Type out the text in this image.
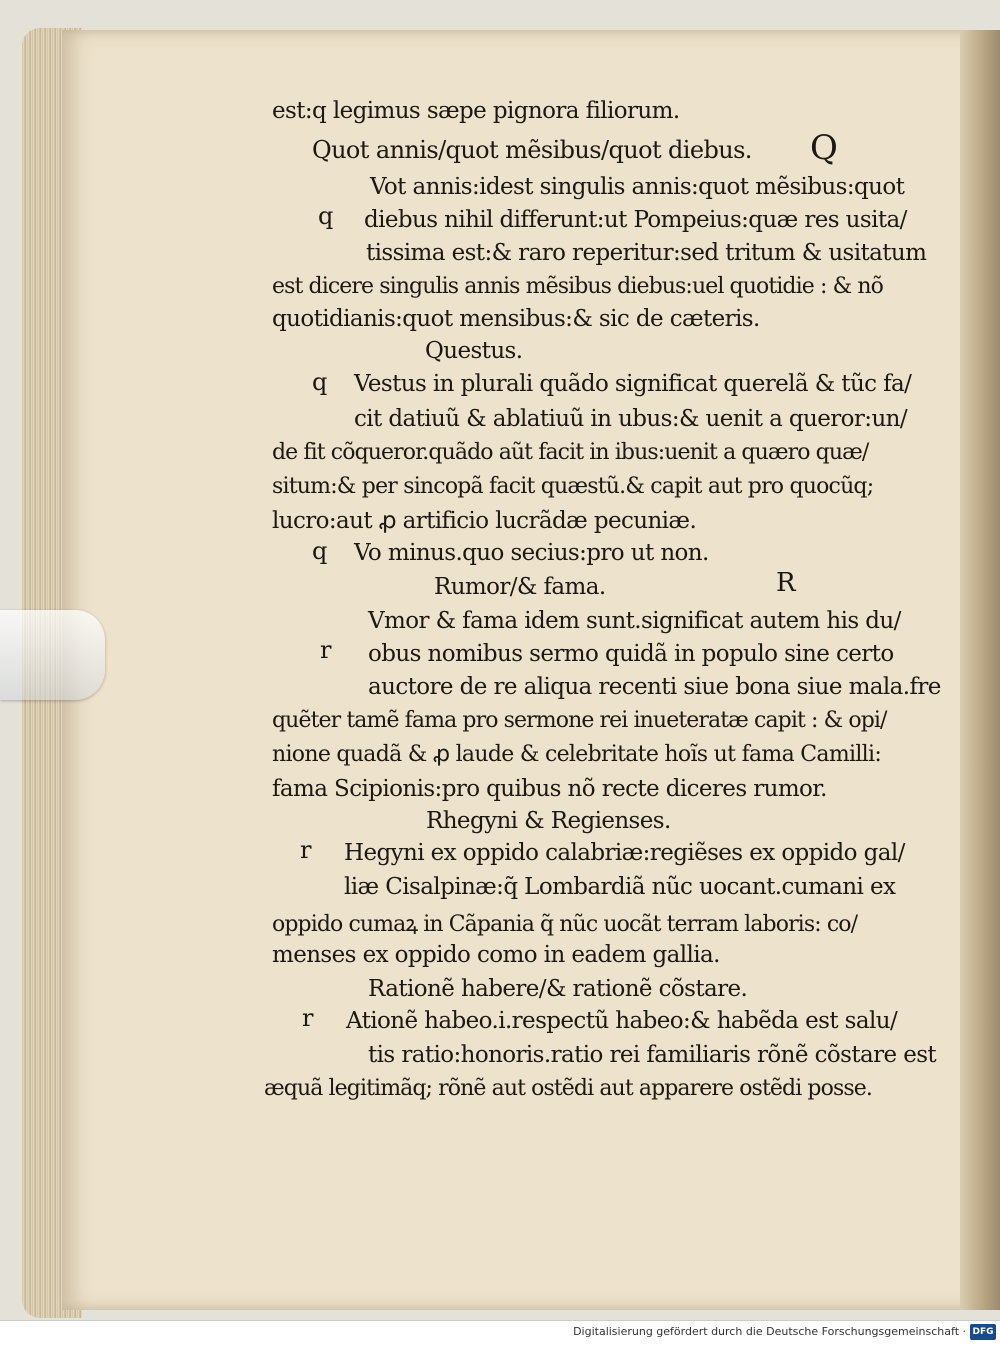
est:q legimus sæpe pignora filiorum.
Quot annis/quot mẽsibus/quot diebus. Q
Vot annis:idest singulis annis:quot mẽsibus:quot
q diebus nihil differunt:ut Pompeius:quæ res usita/
tissima est:& raro reperitur:sed tritum & usitatum
est dicere singulis annis mẽsibus diebus:uel quotidie : & nõ
quotidianis:quot mensibus:& sic de cæteris.
Questus.
q Vestus in plurali quãdo significat querelã & tũc fa/
cit datiuũ & ablatiuũ in ubus:& uenit a queror:un/
de fit cõqueror.quãdo aũt facit in ibus:uenit a quæro quæ/
situm:& per sincopã facit quæstũ.& capit aut pro quocũq;
lucro:aut ꝓ artificio lucrãdæ pecuniæ.
q Vo minus.quo secius:pro ut non.
Rumor/& fama.	R
Vmor & fama idem sunt.significat autem his du/
r obus nomibus sermo quidã in populo sine certo
auctore de re aliqua recenti siue bona siue mala.fre
quẽter tamẽ fama pro sermone rei inueteratæ capit : & opi/
nione quadã & ꝓ laude & celebritate hoĩs ut fama Camilli:
fama Scipionis:pro quibus nõ recte diceres rumor.
Rhegyni & Regienses.
r Hegyni ex oppido calabriæ:regiẽses ex oppido gal/
liæ Cisalpinæ:q̃ Lombardiã nũc uocant.cumani ex
oppido cumaꝝ in Cãpania q̃ nũc uocãt terram laboris: co/
menses ex oppido como in eadem gallia.
Rationẽ habere/& rationẽ cõstare.
r Ationẽ habeo.i.respectũ habeo:& habẽda est salu/
tis ratio:honoris.ratio rei familiaris rõnẽ cõstare est
æquã legitimãq; rõnẽ aut ostẽdi aut apparere ostẽdi posse.
Digitalisierung gefördert durch die Deutsche Forschungsgemeinschaft · DFG
